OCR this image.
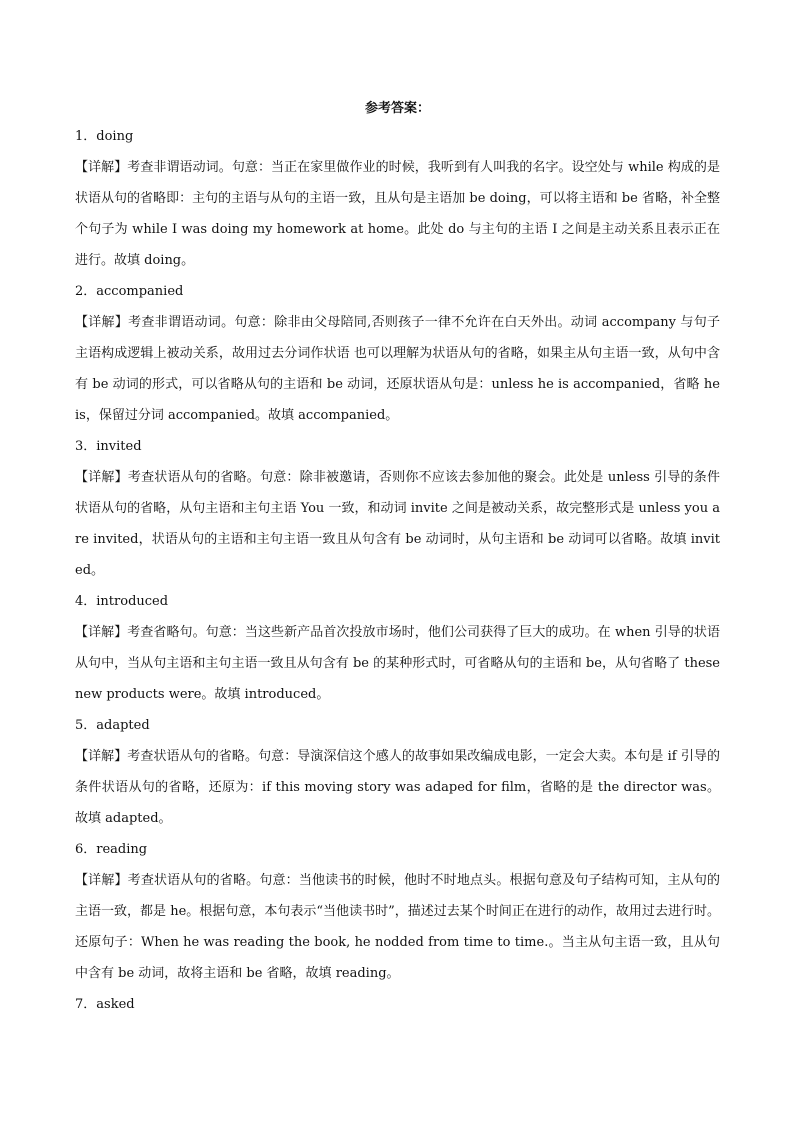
参考答案：
1．doing
【详解】考查非谓语动词。句意：当正在家里做作业的时候，我听到有人叫我的名字。设空处与 while 构成的是状语从句的省略即：主句的主语与从句的主语一致，且从句是主语加 be doing，可以将主语和 be 省略，补全整个句子为 while I was doing my homework at home。此处 do 与主句的主语 I 之间是主动关系且表示正在进行。故填 doing。
2．accompanied
【详解】考查非谓语动词。句意：除非由父母陪同,否则孩子一律不允许在白天外出。动词 accompany 与句子主语构成逻辑上被动关系，故用过去分词作状语 也可以理解为状语从句的省略，如果主从句主语一致，从句中含有 be 动词的形式，可以省略从句的主语和 be 动词，还原状语从句是：unless he is accompanied，省略 he is，保留过分词 accompanied。故填 accompanied。
3．invited
【详解】考查状语从句的省略。句意：除非被邀请，否则你不应该去参加他的聚会。此处是 unless 引导的条件状语从句的省略，从句主语和主句主语 You 一致，和动词 invite 之间是被动关系，故完整形式是 unless you are invited，状语从句的主语和主句主语一致且从句含有 be 动词时，从句主语和 be 动词可以省略。故填 invited。
4．introduced
【详解】考查省略句。句意：当这些新产品首次投放市场时，他们公司获得了巨大的成功。在 when 引导的状语从句中，当从句主语和主句主语一致且从句含有 be 的某种形式时，可省略从句的主语和 be，从句省略了 these new products were。故填 introduced。
5．adapted
【详解】考查状语从句的省略。句意：导演深信这个感人的故事如果改编成电影，一定会大卖。本句是 if 引导的条件状语从句的省略，还原为：if this moving story was adaped for film，省略的是 the director was。故填 adapted。
6．reading
【详解】考查状语从句的省略。句意：当他读书的时候，他时不时地点头。根据句意及句子结构可知，主从句的主语一致，都是 he。根据句意，本句表示“当他读书时”，描述过去某个时间正在进行的动作，故用过去进行时。还原句子：When he was reading the book, he nodded from time to time.。当主从句主语一致，且从句中含有 be 动词，故将主语和 be 省略，故填 reading。
7．asked
